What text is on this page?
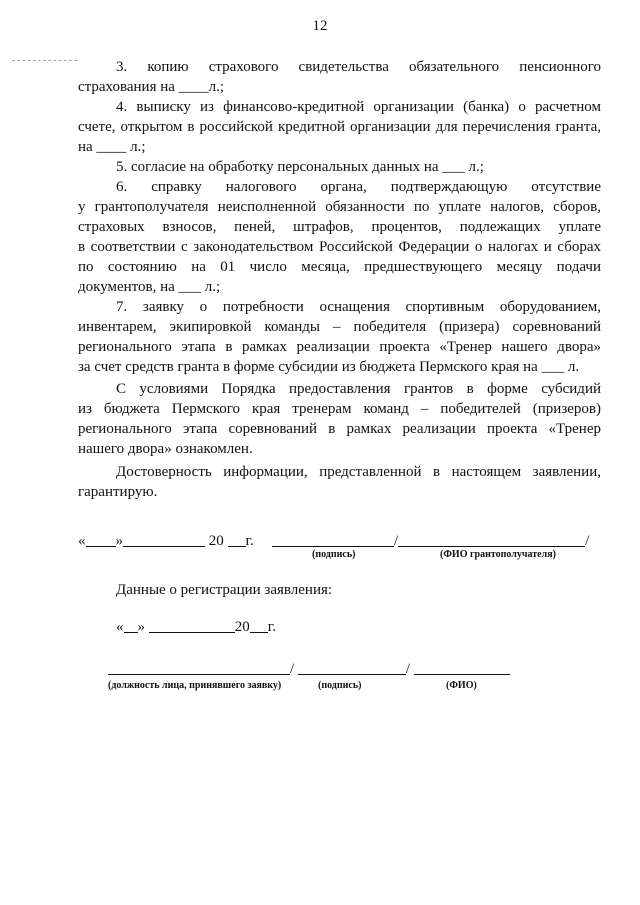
12
3. копию страхового свидетельства обязательного пенсионного
страхования на ____л.;
4. выписку из финансово-кредитной организации (банка) о расчетном
счете, открытом в российской кредитной организации для перечисления гранта,
на ____ л.;
5. согласие на обработку персональных данных на ___ л.;
6. справку налогового органа, подтверждающую отсутствие
у грантополучателя неисполненной обязанности по уплате налогов, сборов,
страховых взносов, пеней, штрафов, процентов, подлежащих уплате
в соответствии с законодательством Российской Федерации о налогах и сборах
по состоянию на 01 число месяца, предшествующего месяцу подачи
документов, на ___ л.;
7. заявку о потребности оснащения спортивным оборудованием,
инвентарем, экипировкой команды – победителя (призера) соревнований
регионального этапа в рамках реализации проекта «Тренер нашего двора»
за счет средств гранта в форме субсидии из бюджета Пермского края на ___ л.
С условиями Порядка предоставления грантов в форме субсидий
из бюджета Пермского края тренерам команд – победителей (призеров)
регионального этапа соревнований в рамках реализации проекта «Тренер
нашего двора» ознакомлен.
Достоверность информации, представленной в настоящем заявлении,
гарантирую.
« »	20 г.	/	/
(подпись)	(ФИО грантополучателя)
Данные о регистрации заявления:
« »	20 г.
/	/
(должность лица, принявшего заявку)	(подпись)	(ФИО)
